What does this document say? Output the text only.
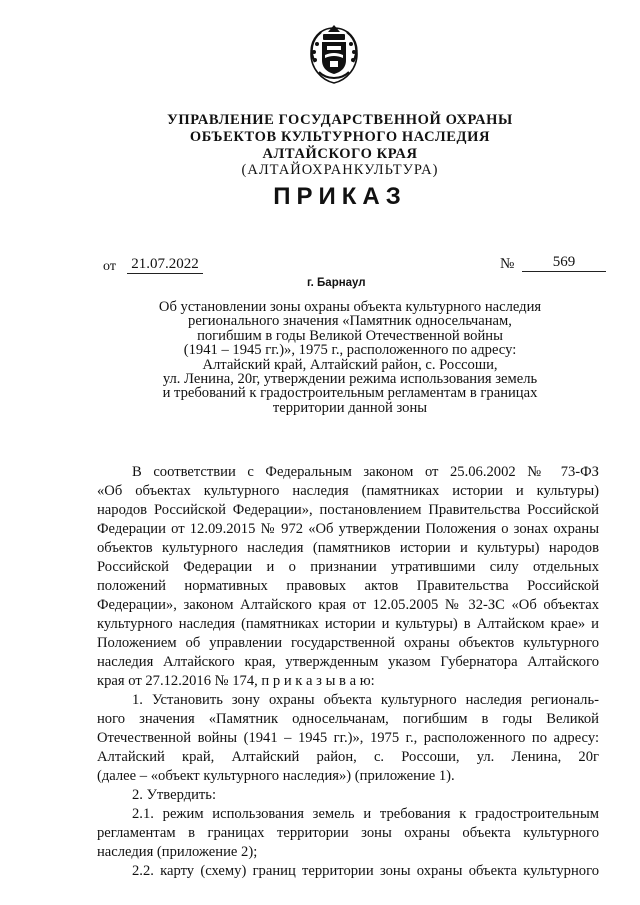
УПРАВЛЕНИЕ ГОСУДАРСТВЕННОЙ ОХРАНЫ
ОБЪЕКТОВ КУЛЬТУРНОГО НАСЛЕДИЯ
АЛТАЙСКОГО КРАЯ
(АЛТАЙОХРАНКУЛЬТУРА)
ПРИКАЗ
от 21.07.2022	№	569
г. Барнаул
Об установлении зоны охраны объекта культурного наследия
регионального значения «Памятник односельчанам,
погибшим в годы Великой Отечественной войны
(1941 – 1945 гг.)», 1975 г., расположенного по адресу:
Алтайский край, Алтайский район, с. Россоши,
ул. Ленина, 20г, утверждении режима использования земель
и требований к градостроительным регламентам в границах
территории данной зоны
В соответствии с Федеральным законом от 25.06.2002 № 73-ФЗ
«Об объектах культурного наследия (памятниках истории и культуры)
народов Российской Федерации», постановлением Правительства Российской
Федерации от 12.09.2015 № 972 «Об утверждении Положения о зонах охраны
объектов культурного наследия (памятников истории и культуры) народов
Российской Федерации и о признании утратившими силу отдельных
положений нормативных правовых актов Правительства Российской
Федерации», законом Алтайского края от 12.05.2005 № 32-ЗС «Об объектах
культурного наследия (памятниках истории и культуры) в Алтайском крае» и
Положением об управлении государственной охраны объектов культурного
наследия Алтайского края, утвержденным указом Губернатора Алтайского
края от 27.12.2016 № 174, п р и к а з ы в а ю:
1. Установить зону охраны объекта культурного наследия региональ-
ного значения «Памятник односельчанам, погибшим в годы Великой
Отечественной войны (1941 – 1945 гг.)», 1975 г., расположенного по адресу:
Алтайский край, Алтайский район, с. Россоши, ул. Ленина, 20г
(далее – «объект культурного наследия») (приложение 1).
2. Утвердить:
2.1. режим использования земель и требования к градостроительным
регламентам в границах территории зоны охраны объекта культурного
наследия (приложение 2);
2.2. карту (схему) границ территории зоны охраны объекта культурного
